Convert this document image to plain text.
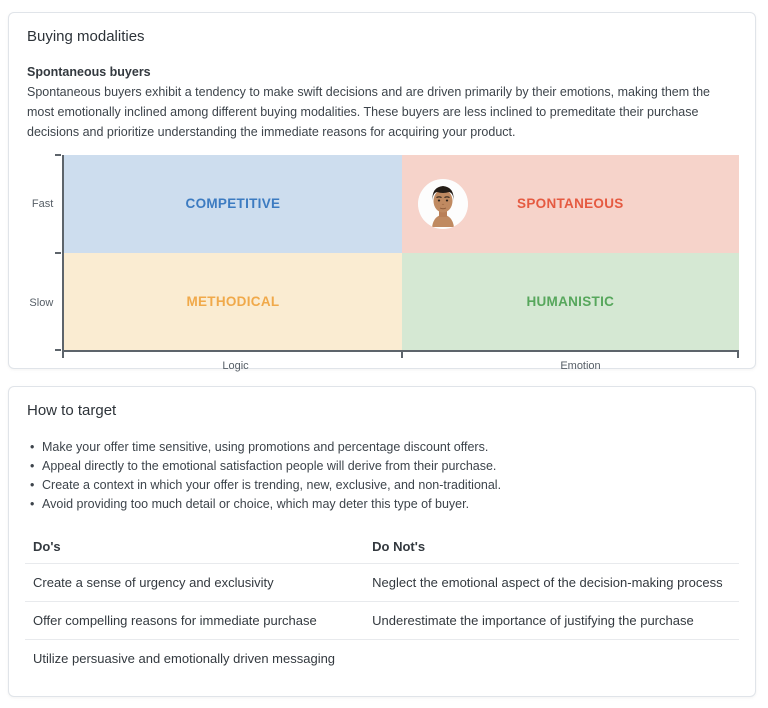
Buying modalities

Spontaneous buyers

Spontaneous buyers exhibit a tendency to make swift decisions and are driven primarily by their emotions, making them the most emotionally inclined among different buying modalities. These buyers are less inclined to premeditate their purchase decisions and prioritize understanding the immediate reasons for acquiring your product.

Fast
Slow
COMPETITIVE	SPONTANEOUS
METHODICAL	HUMANISTIC
Logic	Emotion
How to target
• Make your offer time sensitive, using promotions and percentage discount offers.
• Appeal directly to the emotional satisfaction people will derive from their purchase.
• Create a context in which your offer is trending, new, exclusive, and non-traditional.
• Avoid providing too much detail or choice, which may deter this type of buyer.
Do's	Do Not's
Create a sense of urgency and exclusivity	Neglect the emotional aspect of the decision-making process
Offer compelling reasons for immediate purchase	Underestimate the importance of justifying the purchase
Utilize persuasive and emotionally driven messaging	
